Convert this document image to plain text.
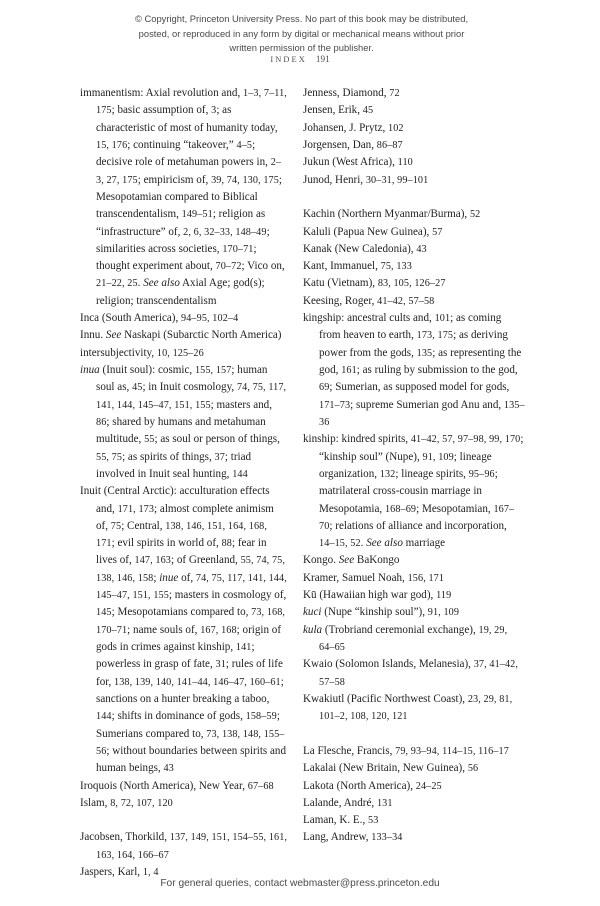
© Copyright, Princeton University Press. No part of this book may be distributed, posted, or reproduced in any form by digital or mechanical means without prior written permission of the publisher.
INDEX 191

immanentism: Axial revolution and, 1–3, 7–11, 175; basic assumption of, 3; as characteristic of most of humanity today, 15, 176; continuing “takeover,” 4–5; decisive role of metahuman powers in, 2–3, 27, 175; empiricism of, 39, 74, 130, 175; Mesopotamian compared to Biblical transcendentalism, 149–51; religion as “infrastructure” of, 2, 6, 32–33, 148–49; similarities across societies, 170–71; thought experiment about, 70–72; Vico on, 21–22, 25. See also Axial Age; god(s); religion; transcendentalism

Inca (South America), 94–95, 102–4

Innu. See Naskapi (Subarctic North America)

intersubjectivity, 10, 125–26

inua (Inuit soul): cosmic, 155, 157; human soul as, 45; in Inuit cosmology, 74, 75, 117, 141, 144, 145–47, 151, 155; masters and, 86; shared by humans and metahuman multitude, 55; as soul or person of things, 55, 75; as spirits of things, 37; triad involved in Inuit seal hunting, 144

Inuit (Central Arctic): acculturation effects and, 171, 173; almost complete animism of, 75; Central, 138, 146, 151, 164, 168, 171; evil spirits in world of, 88; fear in lives of, 147, 163; of Greenland, 55, 74, 75, 138, 146, 158; inue of, 74, 75, 117, 141, 144, 145–47, 151, 155; masters in cosmology of, 145; Mesopotamians compared to, 73, 168, 170–71; name souls of, 167, 168; origin of gods in crimes against kinship, 141; powerless in grasp of fate, 31; rules of life for, 138, 139, 140, 141–44, 146–47, 160–61; sanctions on a hunter breaking a taboo, 144; shifts in dominance of gods, 158–59; Sumerians compared to, 73, 138, 148, 155–56; without boundaries between spirits and human beings, 43

Iroquois (North America), New Year, 67–68

Islam, 8, 72, 107, 120

Jacobsen, Thorkild, 137, 149, 151, 154–55, 161, 163, 164, 166–67

Jaspers, Karl, 1, 4

Jenness, Diamond, 72

Jensen, Erik, 45

Johansen, J. Prytz, 102

Jorgensen, Dan, 86–87

Jukun (West Africa), 110

Junod, Henri, 30–31, 99–101

Kachin (Northern Myanmar/Burma), 52

Kaluli (Papua New Guinea), 57

Kanak (New Caledonia), 43

Kant, Immanuel, 75, 133

Katu (Vietnam), 83, 105, 126–27

Keesing, Roger, 41–42, 57–58

kingship: ancestral cults and, 101; as coming from heaven to earth, 173, 175; as deriving power from the gods, 135; as representing the god, 161; as ruling by submission to the god, 69; Sumerian, as supposed model for gods, 171–73; supreme Sumerian god Anu and, 135–36

kinship: kindred spirits, 41–42, 57, 97–98, 99, 170; “kinship soul” (Nupe), 91, 109; lineage organization, 132; lineage spirits, 95–96; matrilateral cross-cousin marriage in Mesopotamia, 168–69; Mesopotamian, 167–70; relations of alliance and incorporation, 14–15, 52. See also marriage

Kongo. See BaKongo

Kramer, Samuel Noah, 156, 171

Kū (Hawaiian high war god), 119

kuci (Nupe “kinship soul”), 91, 109

kula (Trobriand ceremonial exchange), 19, 29, 64–65

Kwaio (Solomon Islands, Melanesia), 37, 41–42, 57–58

Kwakiutl (Pacific Northwest Coast), 23, 29, 81, 101–2, 108, 120, 121

La Flesche, Francis, 79, 93–94, 114–15, 116–17

Lakalai (New Britain, New Guinea), 56

Lakota (North America), 24–25

Lalande, André, 131

Laman, K. E., 53

Lang, Andrew, 133–34

For general queries, contact webmaster@press.princeton.edu
